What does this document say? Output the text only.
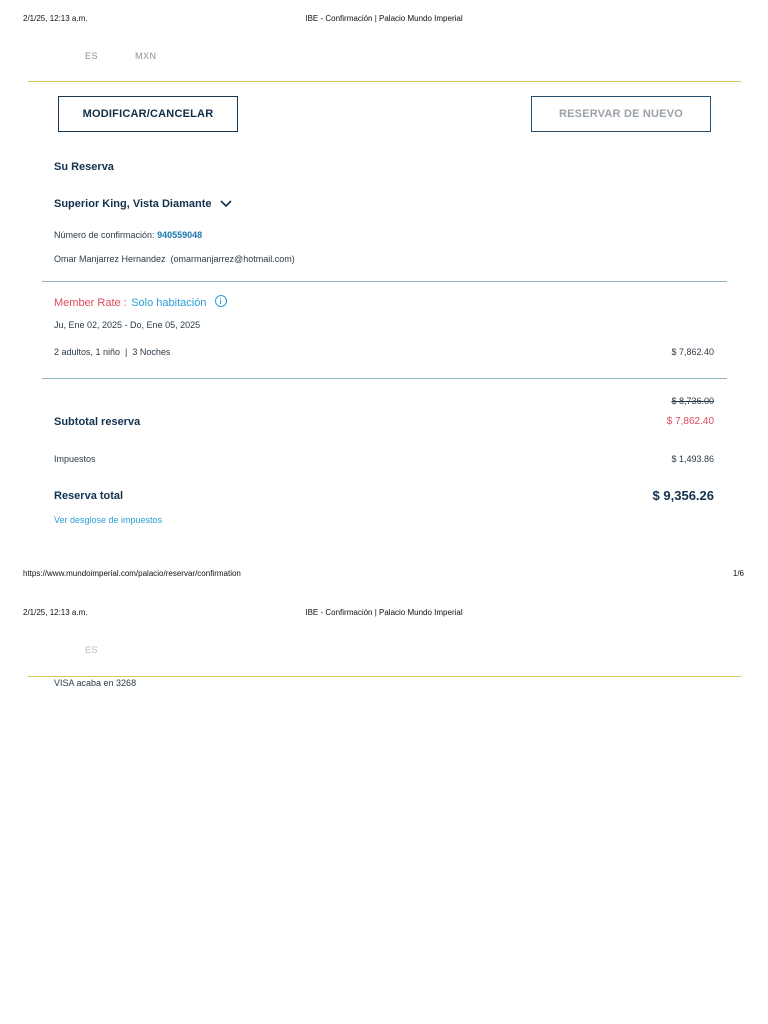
2/1/25, 12:13 a.m.	IBE - Confirmación | Palacio Mundo Imperial
ES	MXN
MODIFICAR/CANCELAR	RESERVAR DE NUEVO
Su Reserva
Superior King, Vista Diamante
Número de confirmación: 940559048
Omar Manjarrez Hernandez  (omarmanjarrez@hotmail.com)
Member Rate : Solo habitación
Ju, Ene 02, 2025 - Do, Ene 05, 2025
2 adultos, 1 niño  |  3 Noches	$ 7,862.40
$ 8,736.00
Subtotal reserva	$ 7,862.40
Impuestos	$ 1,493.86
Reserva total	$ 9,356.26
Ver desglose de impuestos
https://www.mundoimperial.com/palacio/reservar/confirmation	1/6
2/1/25, 12:13 a.m.	IBE - Confirmación | Palacio Mundo Imperial
ES
VISA acaba en 3268
